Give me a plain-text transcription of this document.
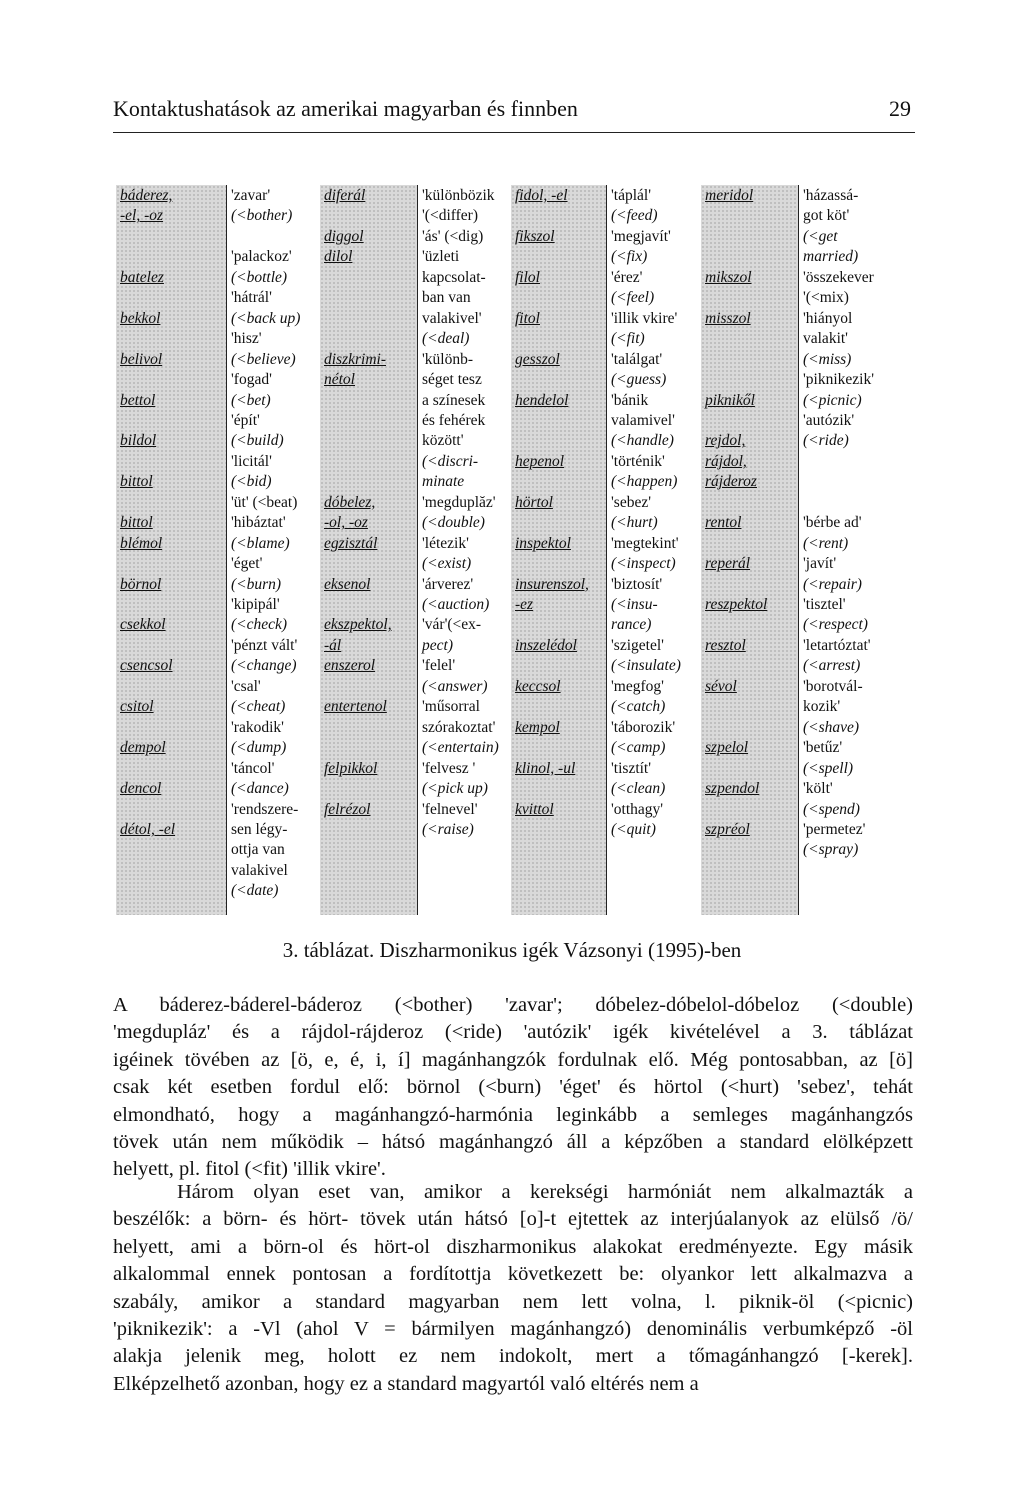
Kontaktushatások az amerikai magyarban és finnben	29
báderez,
-el, -oz
batelez
bekkol
belivol
bettol
bildol
bittol
bittol
blémol
börnol
csekkol
csencsol
csitol
dempol
dencol
détol, -el
'zavar'
(<bother)
'palackoz'
(<bottle)
'hátrál'
(<back up)
'hisz'
(<believe)
'fogad'
(<bet)
'épít'
(<build)
'licitál'
(<bid)
'üt' (<beat)
'hibáztat'
(<blame)
'éget'
(<burn)
'kipipál'
(<check)
'pénzt vált'
(<change)
'csal'
(<cheat)
'rakodik'
(<dump)
'táncol'
(<dance)
'rendszere-
sen légy-
ottja van
valakivel
(<date)
diferál
diggol
dilol
diszkrimi-
nétol
dóbelez,
-ol, -oz
egzisztál
eksenol
ekszpektol,
-ál
enszerol
entertenol
felpikkol
felrézol
'különbözik
'(<differ)
'ás' (<dig)
'üzleti
kapcsolat-
ban van
valakivel'
(<deal)
'különb-
séget tesz
a színesek
és fehérek
között'
(<discri-
minate
'megduplăz'
(<double)
'létezik'
(<exist)
'árverez'
(<auction)
'vár'(<ex-
pect)
'felel'
(<answer)
'műsorral
szórakoztat'
(<entertain)
'felvesz '
(<pick up)
'felnevel'
(<raise)
fidol, -el
fikszol
filol
fitol
gesszol
hendelol
hepenol
hörtol
inspektol
insurenszol,
-ez
inszelédol
keccsol
kempol
klinol, -ul
kvittol
'táplál'
(<feed)
'megjavít'
(<fix)
'érez'
(<feel)
'illik vkire'
(<fit)
'találgat'
(<guess)
'bánik
valamivel'
(<handle)
'történik'
(<happen)
'sebez'
(<hurt)
'megtekint'
(<inspect)
'biztosít'
(<insu-
rance)
'szigetel'
(<insulate)
'megfog'
(<catch)
'táborozik'
(<camp)
'tisztít'
(<clean)
'otthagy'
(<quit)
meridol
mikszol
misszol
piknikől
rejdol,
rájdol,
rájderoz
rentol
reperál
reszpektol
resztol
sévol
szpelol
szpendol
szpréol
'házassá-
got köt'
(<get
married)
'összekever
'(<mix)
'hiányol
valakit'
(<miss)
'piknikezik'
(<picnic)
'autózik'
(<ride)
'bérbe ad'
(<rent)
'javít'
(<repair)
'tisztel'
(<respect)
'letartóztat'
(<arrest)
'borotvál-
kozik'
(<shave)
'betűz'
(<spell)
'költ'
(<spend)
'permetez'
(<spray)
3. táblázat. Diszharmonikus igék Vázsonyi (1995)-ben
A báderez-báderel-báderoz (<bother) 'zavar'; dóbelez-dóbelol-dóbeloz (<double)
'megdupláz' és a rájdol-rájderoz (<ride) 'autózik' igék kivételével a 3. táblázat
igéinek tövében az [ö, e, é, i, í] magánhangzók fordulnak elő. Még pontosabban, az [ö]
csak két esetben fordul elő: börnol (<burn) 'éget' és hörtol (<hurt) 'sebez', tehát
elmondható, hogy a magánhangzó-harmónia leginkább a semleges magánhangzós
tövek után nem működik – hátsó magánhangzó áll a képzőben a standard elölképzett
helyett, pl. fitol (<fit) 'illik vkire'.
Három olyan eset van, amikor a kerekségi harmóniát nem alkalmazták a
beszélők: a börn- és hört- tövek után hátsó [o]-t ejtettek az interjúalanyok az elülső /ö/
helyett, ami a börn-ol és hört-ol diszharmonikus alakokat eredményezte. Egy másik
alkalommal ennek pontosan a fordítottja következett be: olyankor lett alkalmazva a
szabály, amikor a standard magyarban nem lett volna, l. piknik-öl (<picnic)
'piknikezik': a -Vl (ahol V = bármilyen magánhangzó) denominális verbumképző -öl
alakja jelenik meg, holott ez nem indokolt, mert a tőmagánhangzó [-kerek].
Elképzelhető azonban, hogy ez a standard magyartól való eltérés nem a
